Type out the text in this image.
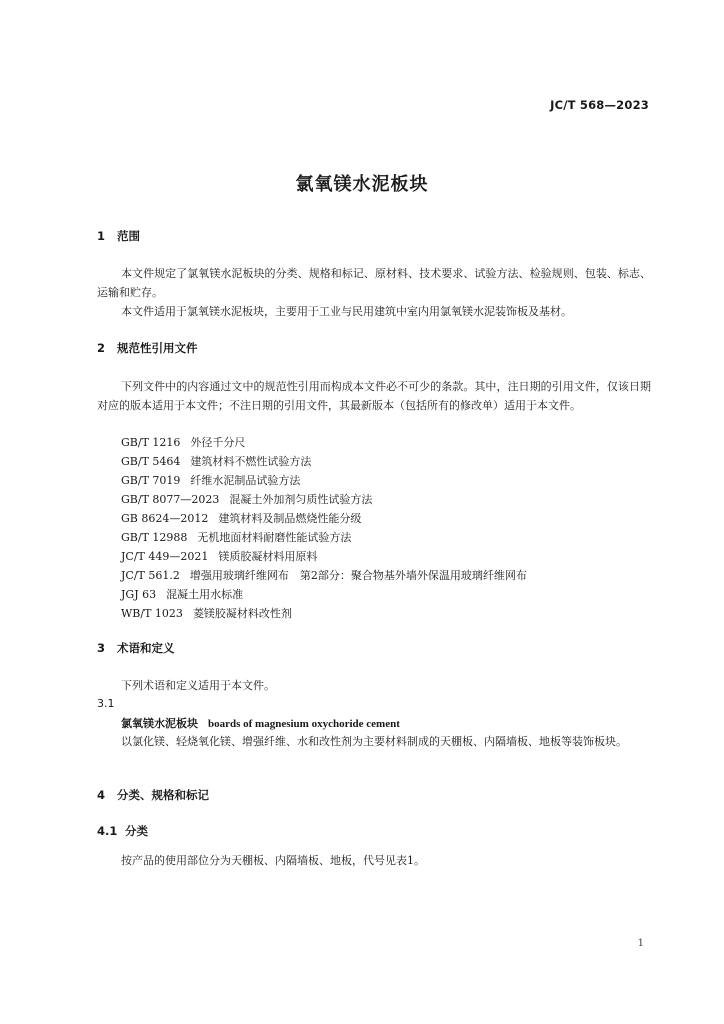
JC/T 568—2023
氯氧镁水泥板块
1 范围
本文件规定了氯氧镁水泥板块的分类、规格和标记、原材料、技术要求、试验方法、检验规则、包装、标志、运输和贮存。
本文件适用于氯氧镁水泥板块，主要用于工业与民用建筑中室内用氯氧镁水泥装饰板及基材。
2 规范性引用文件
下列文件中的内容通过文中的规范性引用而构成本文件必不可少的条款。其中，注日期的引用文件，仅该日期对应的版本适用于本文件；不注日期的引用文件，其最新版本（包括所有的修改单）适用于本文件。
GB/T 1216 外径千分尺
GB/T 5464 建筑材料不燃性试验方法
GB/T 7019 纤维水泥制品试验方法
GB/T 8077—2023 混凝土外加剂匀质性试验方法
GB 8624—2012 建筑材料及制品燃烧性能分级
GB/T 12988 无机地面材料耐磨性能试验方法
JC/T 449—2021 镁质胶凝材料用原料
JC/T 561.2 增强用玻璃纤维网布　第2部分：聚合物基外墙外保温用玻璃纤维网布
JGJ 63 混凝土用水标准
WB/T 1023 菱镁胶凝材料改性剂
3 术语和定义
下列术语和定义适用于本文件。
3.1
氯氧镁水泥板块 boards of magnesium oxychoride cement
以氯化镁、轻烧氧化镁、增强纤维、水和改性剂为主要材料制成的天棚板、内隔墙板、地板等装饰板块。
4 分类、规格和标记
4.1 分类
按产品的使用部位分为天棚板、内隔墙板、地板，代号见表1。
1
